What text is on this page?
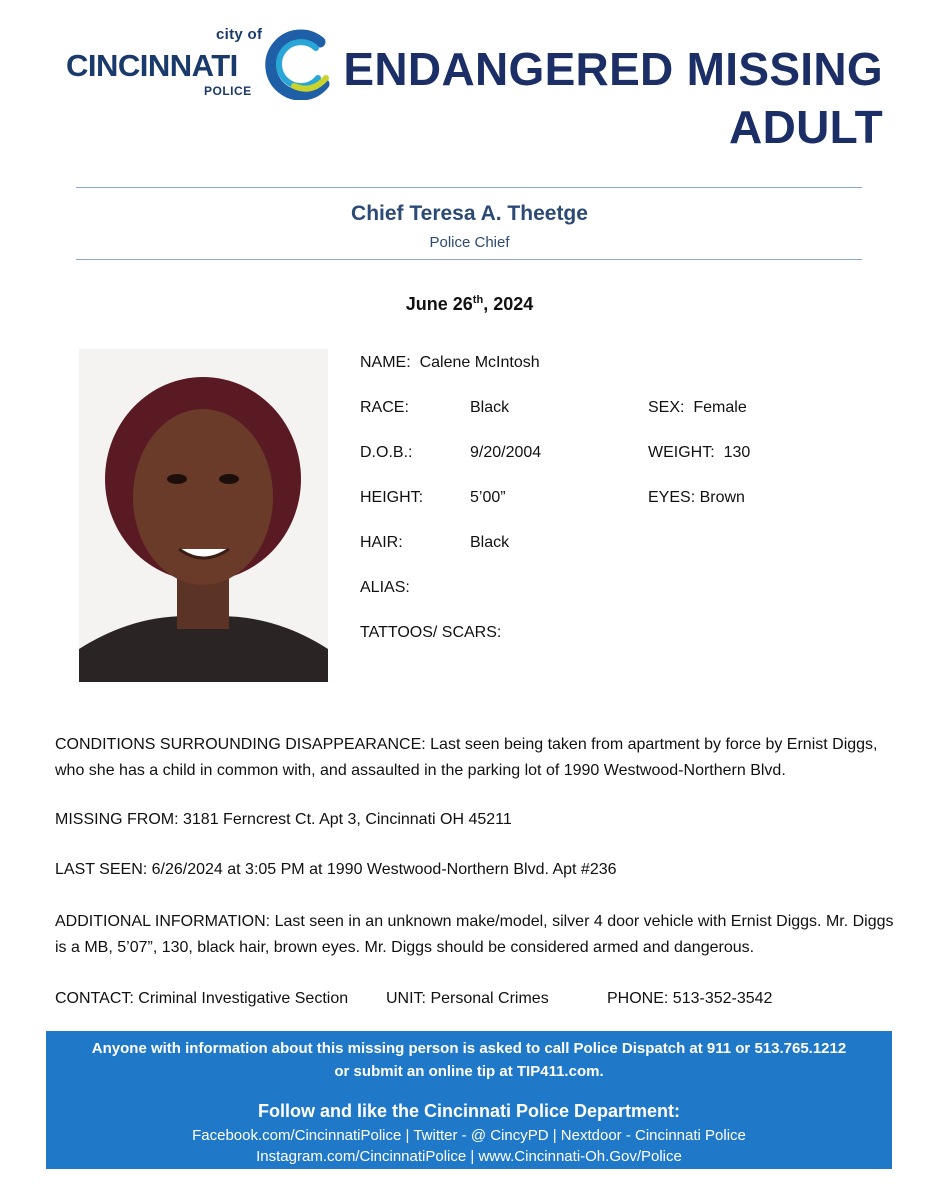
city of
CINCINNATI
POLICE ENDANGERED MISSING
ADULT
Chief Teresa A. Theetge
Police Chief
June 26th, 2024
NAME: Calene McIntosh
RACE:	Black	SEX: Female
D.O.B.:	9/20/2004	WEIGHT: 130
HEIGHT:	5’00”	EYES: Brown
HAIR:	Black
ALIAS:
TATTOOS/ SCARS:
CONDITIONS SURROUNDING DISAPPEARANCE: Last seen being taken from apartment by force by Ernist Diggs, who she has a child in common with, and assaulted in the parking lot of 1990 Westwood-Northern Blvd.
MISSING FROM: 3181 Ferncrest Ct. Apt 3, Cincinnati OH 45211
LAST SEEN: 6/26/2024 at 3:05 PM at 1990 Westwood-Northern Blvd. Apt #236
ADDITIONAL INFORMATION: Last seen in an unknown make/model, silver 4 door vehicle with Ernist Diggs. Mr. Diggs is a MB, 5’07”, 130, black hair, brown eyes. Mr. Diggs should be considered armed and dangerous.
CONTACT: Criminal Investigative Section UNIT: Personal Crimes	PHONE: 513-352-3542
Anyone with information about this missing person is asked to call Police Dispatch at 911 or 513.765.1212
or submit an online tip at TIP411.com.
Follow and like the Cincinnati Police Department:
Facebook.com/CincinnatiPolice | Twitter - @ CincyPD | Nextdoor - Cincinnati Police
Instagram.com/CincinnatiPolice | www.Cincinnati-Oh.Gov/Police
